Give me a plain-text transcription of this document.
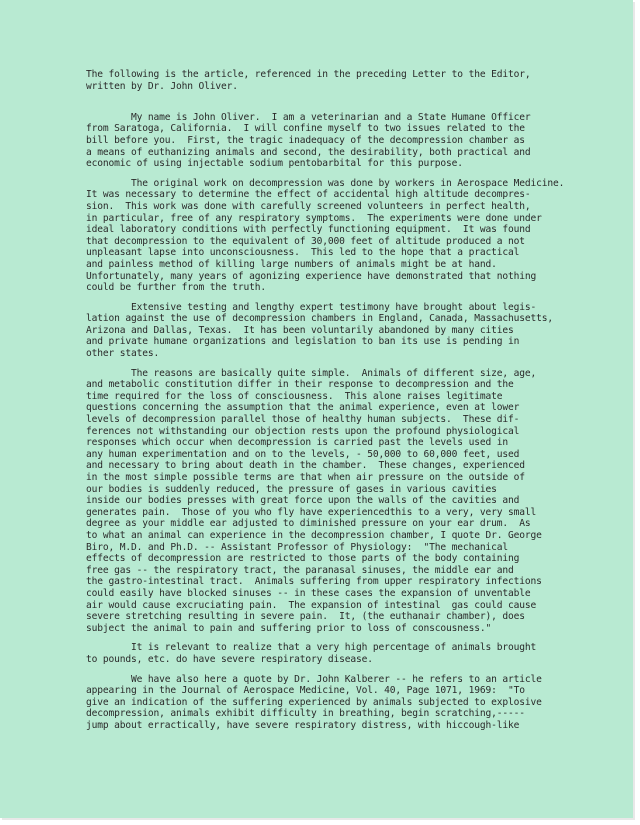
The following is the article, referenced in the preceding Letter to the Editor,
written by Dr. John Oliver.
My name is John Oliver.  I am a veterinarian and a State Humane Officer
from Saratoga, California.  I will confine myself to two issues related to the
bill before you.  First, the tragic inadequacy of the decompression chamber as
a means of euthanizing animals and second, the desirability, both practical and
economic of using injectable sodium pentobarbital for this purpose.
The original work on decompression was done by workers in Aerospace Medicine.
It was necessary to determine the effect of accidental high altitude decompres-
sion.  This work was done with carefully screened volunteers in perfect health,
in particular, free of any respiratory symptoms.  The experiments were done under
ideal laboratory conditions with perfectly functioning equipment.  It was found
that decompression to the equivalent of 30,000 feet of altitude produced a not
unpleasant lapse into unconsciousness.  This led to the hope that a practical
and painless method of killing large numbers of animals might be at hand.
Unfortunately, many years of agonizing experience have demonstrated that nothing
could be further from the truth.
Extensive testing and lengthy expert testimony have brought about legis-
lation against the use of decompression chambers in England, Canada, Massachusetts,
Arizona and Dallas, Texas.  It has been voluntarily abandoned by many cities
and private humane organizations and legislation to ban its use is pending in
other states.
The reasons are basically quite simple.  Animals of different size, age,
and metabolic constitution differ in their response to decompression and the
time required for the loss of consciousness.  This alone raises legitimate
questions concerning the assumption that the animal experience, even at lower
levels of decompression parallel those of healthy human subjects.  These dif-
ferences not withstanding our objection rests upon the profound physiological
responses which occur when decompression is carried past the levels used in
any human experimentation and on to the levels, - 50,000 to 60,000 feet, used
and necessary to bring about death in the chamber.  These changes, experienced
in the most simple possible terms are that when air pressure on the outside of
our bodies is suddenly reduced, the pressure of gases in various cavities
inside our bodies presses with great force upon the walls of the cavities and
generates pain.  Those of you who fly have experiencedthis to a very, very small
degree as your middle ear adjusted to diminished pressure on your ear drum.  As
to what an animal can experience in the decompression chamber, I quote Dr. George
Biro, M.D. and Ph.D. -- Assistant Professor of Physiology:  "The mechanical
effects of decompression are restricted to those parts of the body containing
free gas -- the respiratory tract, the paranasal sinuses, the middle ear and
the gastro-intestinal tract.  Animals suffering from upper respiratory infections
could easily have blocked sinuses -- in these cases the expansion of unventable
air would cause excruciating pain.  The expansion of intestinal  gas could cause
severe stretching resulting in severe pain.  It, (the euthanair chamber), does
subject the animal to pain and suffering prior to loss of conscousness."
It is relevant to realize that a very high percentage of animals brought
to pounds, etc. do have severe respiratory disease.
We have also here a quote by Dr. John Kalberer -- he refers to an article
appearing in the Journal of Aerospace Medicine, Vol. 40, Page 1071, 1969:  "To
give an indication of the suffering experienced by animals subjected to explosive
decompression, animals exhibit difficulty in breathing, begin scratching,-----
jump about erractically, have severe respiratory distress, with hiccough-like
